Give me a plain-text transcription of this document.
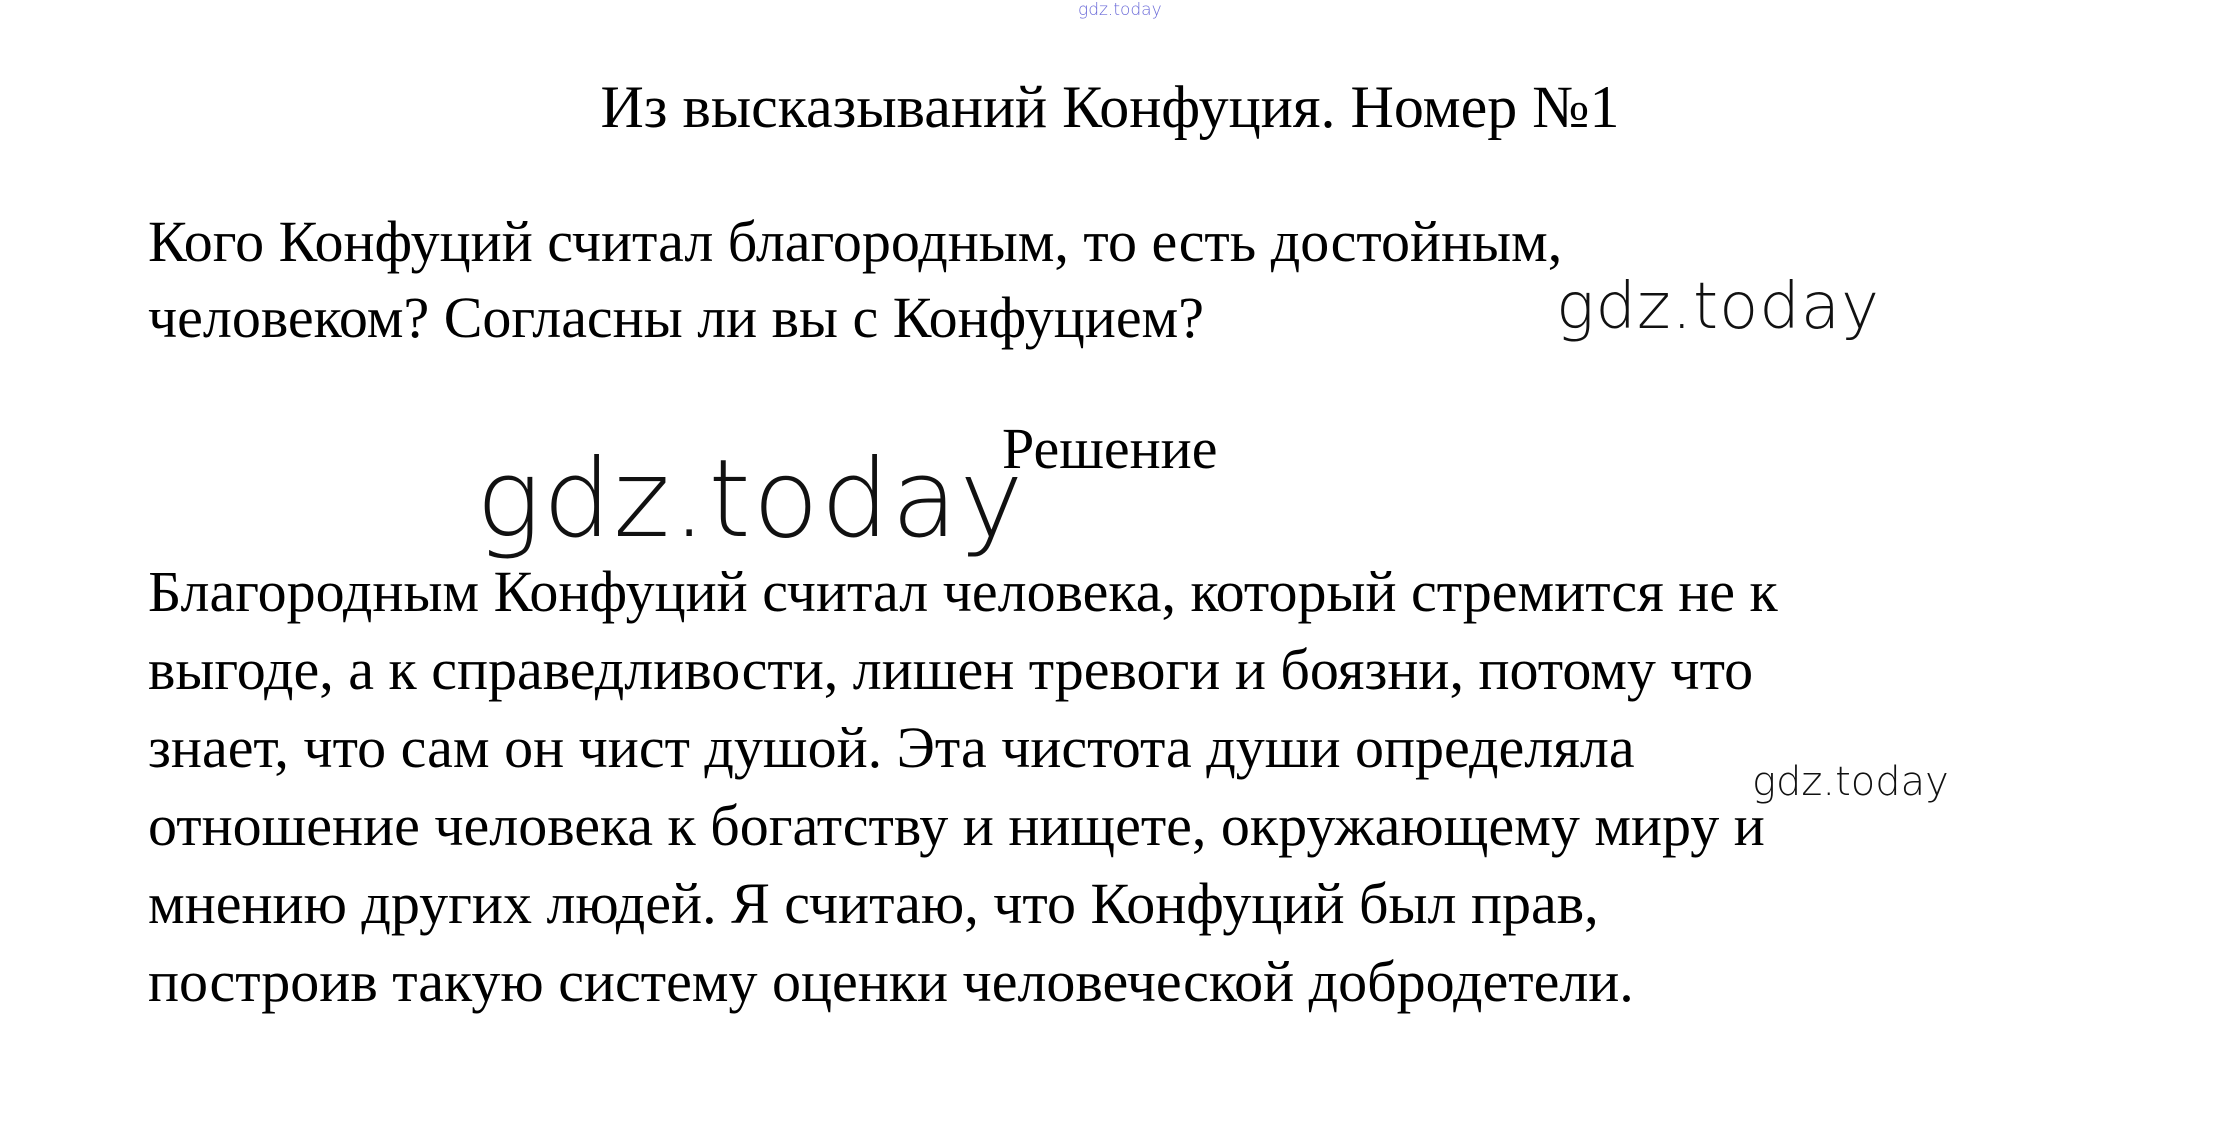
gdz.today
Из высказываний Конфуция. Номер №1
Кого Конфуций считал благородным, то есть достойным,
человеком? Согласны ли вы с Конфуцием?	gdz.today
gdz.today
Решение
Благородным Конфуций считал человека, который стремится не к
выгоде, а к справедливости, лишен тревоги и боязни, потому что
знает, что сам он чист душой. Эта чистота души определяла
отношение человека к богатству и нищете, окружающему миру и
мнению других людей. Я считаю, что Конфуций был прав,
построив такую систему оценки человеческой добродетели.
gdz.today
